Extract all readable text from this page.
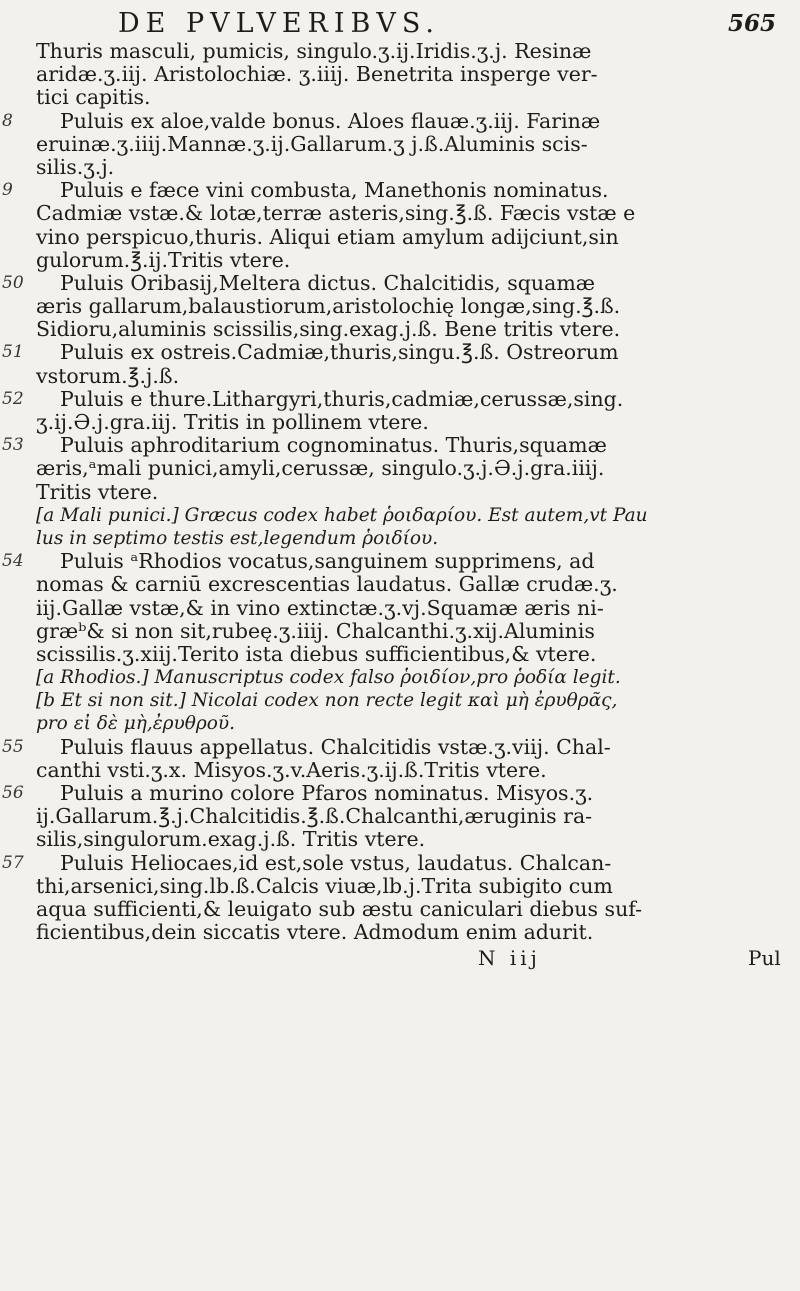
DE PVLVERIBVS.	565
Thuris masculi, pumicis, singulo.ʒ.ij.Iridis.ʒ.j. Resinæ
aridæ.ʒ.iij. Aristolochiæ. ʒ.iiij. Benetrita insperge ver-
tici capitis.
8	Puluis ex aloe,valde bonus. Aloes flauæ.ʒ.iij. Farinæ
eruinæ.ʒ.iiij.Mannæ.ʒ.ij.Gallarum.ʒ j.ß.Aluminis scis-
silis.ʒ.j.
9	Puluis e fæce vini combusta, Manethonis nominatus.
Cadmiæ vstæ.& lotæ,terræ asteris,sing.℥.ß. Fæcis vstæ e
vino perspicuo,thuris. Aliqui etiam amylum adijciunt,sin
gulorum.℥.ij.Tritis vtere.
50	Puluis Oribasij,Meltera dictus. Chalcitidis, squamæ
æris gallarum,balaustiorum,aristolochię longæ,sing.℥.ß.
Sidioru,aluminis scissilis,sing.exag.j.ß. Bene tritis vtere.
51	Puluis ex ostreis.Cadmiæ,thuris,singu.℥.ß. Ostreorum
vstorum.℥.j.ß.
52	Puluis e thure.Lithargyri,thuris,cadmiæ,cerussæ,sing.
ʒ.ij.Ə.j.gra.iij. Tritis in pollinem vtere.
53	Puluis aphroditarium cognominatus. Thuris,squamæ
æris,ᵃmali punici,amyli,cerussæ, singulo.ʒ.j.Ə.j.gra.iiij.
Tritis vtere.
[a Mali punici.] Græcus codex habet ῥοιδαρίου. Est autem,vt Pau
lus in septimo testis est,legendum ῥοιδίου.
54	Puluis ᵃRhodios vocatus,sanguinem supprimens, ad
nomas & carniū excrescentias laudatus. Gallæ crudæ.ʒ.
iij.Gallæ vstæ,& in vino extinctæ.ʒ.vj.Squamæ æris ni-
græᵇ& si non sit,rubeę.ʒ.iiij. Chalcanthi.ʒ.xij.Aluminis
scissilis.ʒ.xiij.Terito ista diebus sufficientibus,& vtere.
[a Rhodios.] Manuscriptus codex falso ῥοιδίον,pro ῥοδία legit.
[b Et si non sit.] Nicolai codex non recte legit καὶ μὴ ἐρυθρᾶς,
pro εἰ δὲ μὴ,ἐρυθροῦ.
55	Puluis flauus appellatus. Chalcitidis vstæ.ʒ.viij. Chal-
canthi vsti.ʒ.x. Misyos.ʒ.v.Aeris.ʒ.ij.ß.Tritis vtere.
56	Puluis a murino colore Pfaros nominatus. Misyos.ʒ.
ij.Gallarum.℥.j.Chalcitidis.℥.ß.Chalcanthi,æruginis ra-
silis,singulorum.exag.j.ß. Tritis vtere.
57	Puluis Heliocaes,id est,sole vstus, laudatus. Chalcan-
thi,arsenici,sing.lb.ß.Calcis viuæ,lb.j.Trita subigito cum
aqua sufficienti,& leuigato sub æstu caniculari diebus suf-
ficientibus,dein siccatis vtere. Admodum enim adurit.
N iij	Pul
